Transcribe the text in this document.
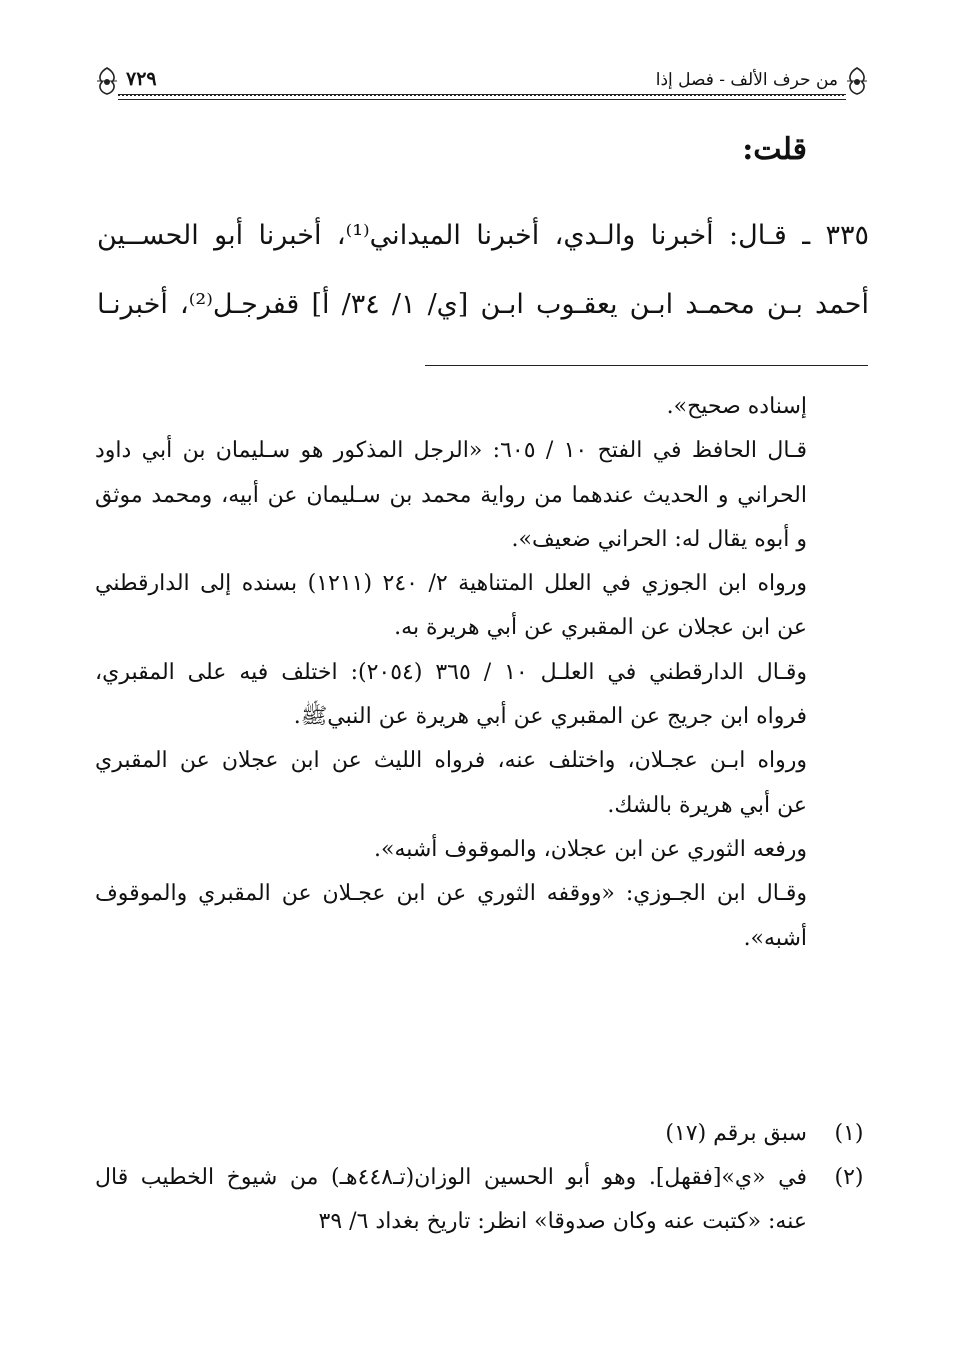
من حرف الألف - فصل إذا
٧٢٩
قلت:
٣٣٥ ـ قـال: أخبرنا والـدي، أخبرنا الميداني⁽¹⁾، أخبرنا أبو الحســين
أحمد بـن محمـد ابـن يعقـوب ابـن [ي/ ١/ ٣٤/ أ] قفرجـل⁽²⁾، أخبرنـا
إسناده صحيح».
قـال الحافظ في الفتح ١٠ / ٦٠٥: «الرجل المذكور هو سـليمان بن أبي داود
الحراني و الحديث عندهما من رواية محمد بن سـليمان عن أبيه، ومحمد موثق
و أبوه يقال له: الحراني ضعيف».
ورواه ابن الجوزي في العلل المتناهية ٢/ ٢٤٠ (١٢١١) بسنده إلى الدارقطني
عن ابن عجلان عن المقبري عن أبي هريرة به.
وقـال الدارقطني في العلـل ١٠ / ٣٦٥ (٢٠٥٤): اختلف فيه على المقبري،
فرواه ابن جريج عن المقبري عن أبي هريرة عن النبيﷺ.
ورواه ابـن عجـلان، واختلف عنه، فرواه الليث عن ابن عجلان عن المقبري
عن أبي هريرة بالشك.
ورفعه الثوري عن ابن عجلان، والموقوف أشبه».
وقـال ابن الجـوزي: «ووقفه الثوري عن ابن عجـلان عن المقبري والموقوف
أشبه».
(١)
سبق برقم (١٧)
(٢)
في «ي»[فقهل]. وهو أبو الحسين الوزان(تـ٤٤٨هـ) من شيوخ الخطيب قال
عنه: «كتبت عنه وكان صدوقا» انظر: تاريخ بغداد ٦/ ٣٩
